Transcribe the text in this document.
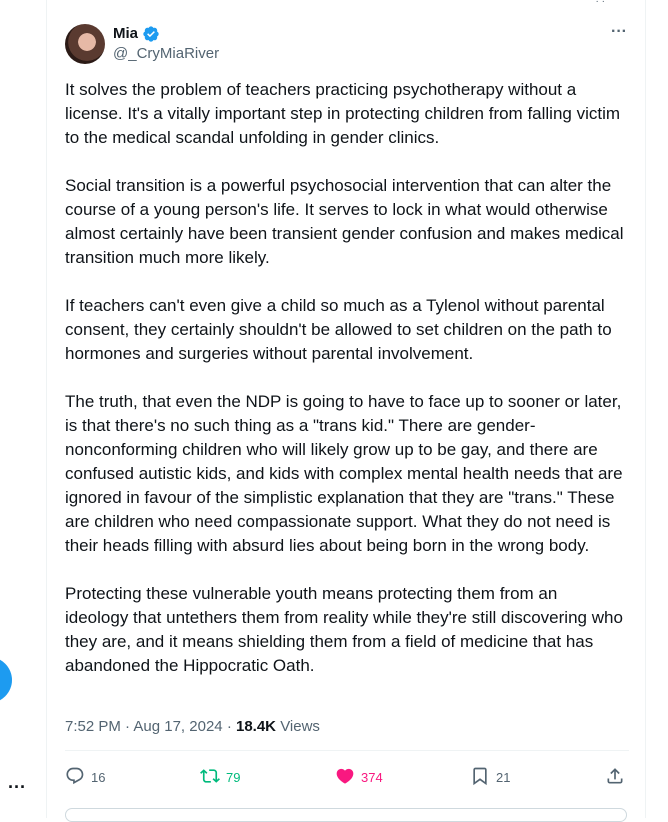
···
· ·
Mia
@_CryMiaRiver
···

It solves the problem of teachers practicing psychotherapy without a license. It's a vitally important step in protecting children from falling victim to the medical scandal unfolding in gender clinics.

Social transition is a powerful psychosocial intervention that can alter the course of a young person's life. It serves to lock in what would otherwise almost certainly have been transient gender confusion and makes medical transition much more likely.

If teachers can't even give a child so much as a Tylenol without parental consent, they certainly shouldn't be allowed to set children on the path to hormones and surgeries without parental involvement.

The truth, that even the NDP is going to have to face up to sooner or later, is that there's no such thing as a "trans kid." There are gender-nonconforming children who will likely grow up to be gay, and there are confused autistic kids, and kids with complex mental health needs that are ignored in favour of the simplistic explanation that they are "trans." These are children who need compassionate support. What they do not need is their heads filling with absurd lies about being born in the wrong body.

Protecting these vulnerable youth means protecting them from an ideology that untethers them from reality while they're still discovering who they are, and it means shielding them from a field of medicine that has abandoned the Hippocratic Oath.

7:52 PM · Aug 17, 2024 · 18.4K Views
16	79	374	21
